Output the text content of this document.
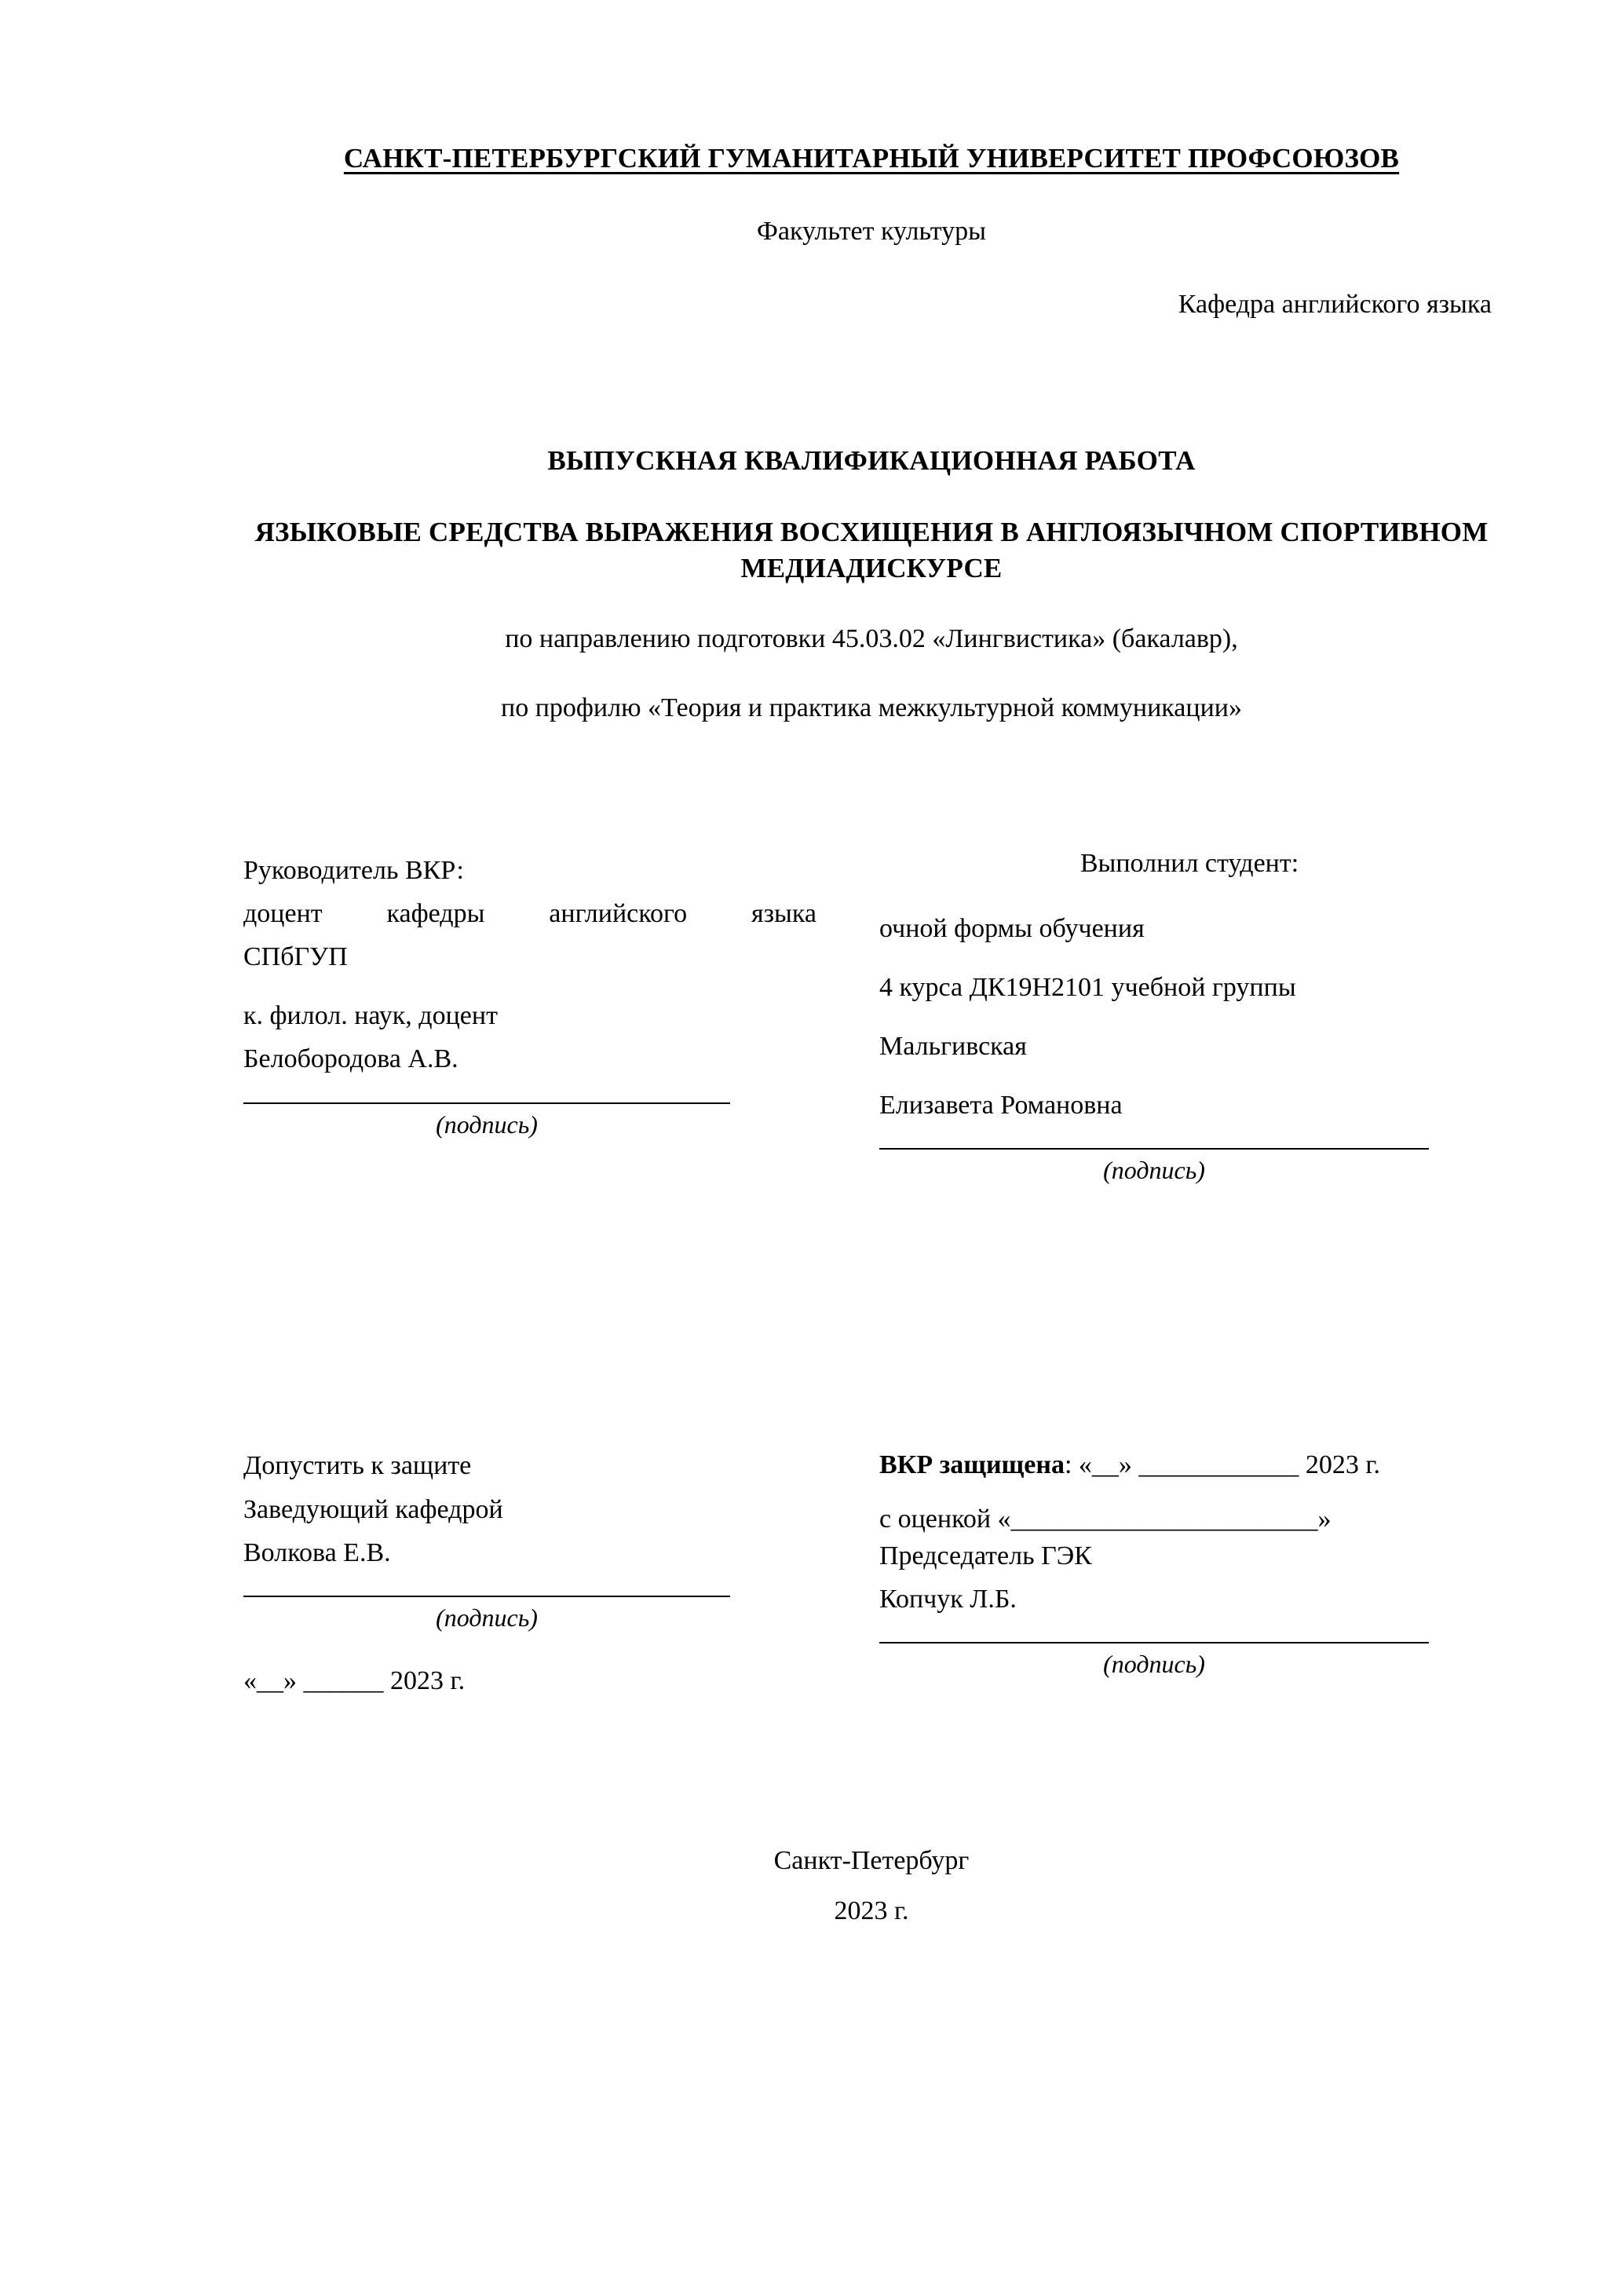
САНКТ-ПЕТЕРБУРГСКИЙ ГУМАНИТАРНЫЙ УНИВЕРСИТЕТ ПРОФСОЮЗОВ
Факультет культуры
Кафедра английского языка
ВЫПУСКНАЯ КВАЛИФИКАЦИОННАЯ РАБОТА
ЯЗЫКОВЫЕ СРЕДСТВА ВЫРАЖЕНИЯ ВОСХИЩЕНИЯ В АНГЛОЯЗЫЧНОМ СПОРТИВНОМ МЕДИАДИСКУРСЕ
по направлению подготовки 45.03.02 «Лингвистика» (бакалавр),
по профилю «Теория и практика межкультурной коммуникации»
Руководитель ВКР:
доцент кафедры английского языка
СПбГУП
к. филол. наук, доцент
Белобородова А.В.
(подпись)
Выполнил студент:
очной формы обучения
4 курса ДК19Н2101 учебной группы
Мальгивская
Елизавета Романовна
(подпись)
Допустить к защите
Заведующий кафедрой
Волкова Е.В.
(подпись)
«__» ______ 2023 г.
ВКР защищена: «__» ____________ 2023 г.
с оценкой «_______________________»
Председатель ГЭК
Копчук Л.Б.
(подпись)
Санкт-Петербург
2023 г.
